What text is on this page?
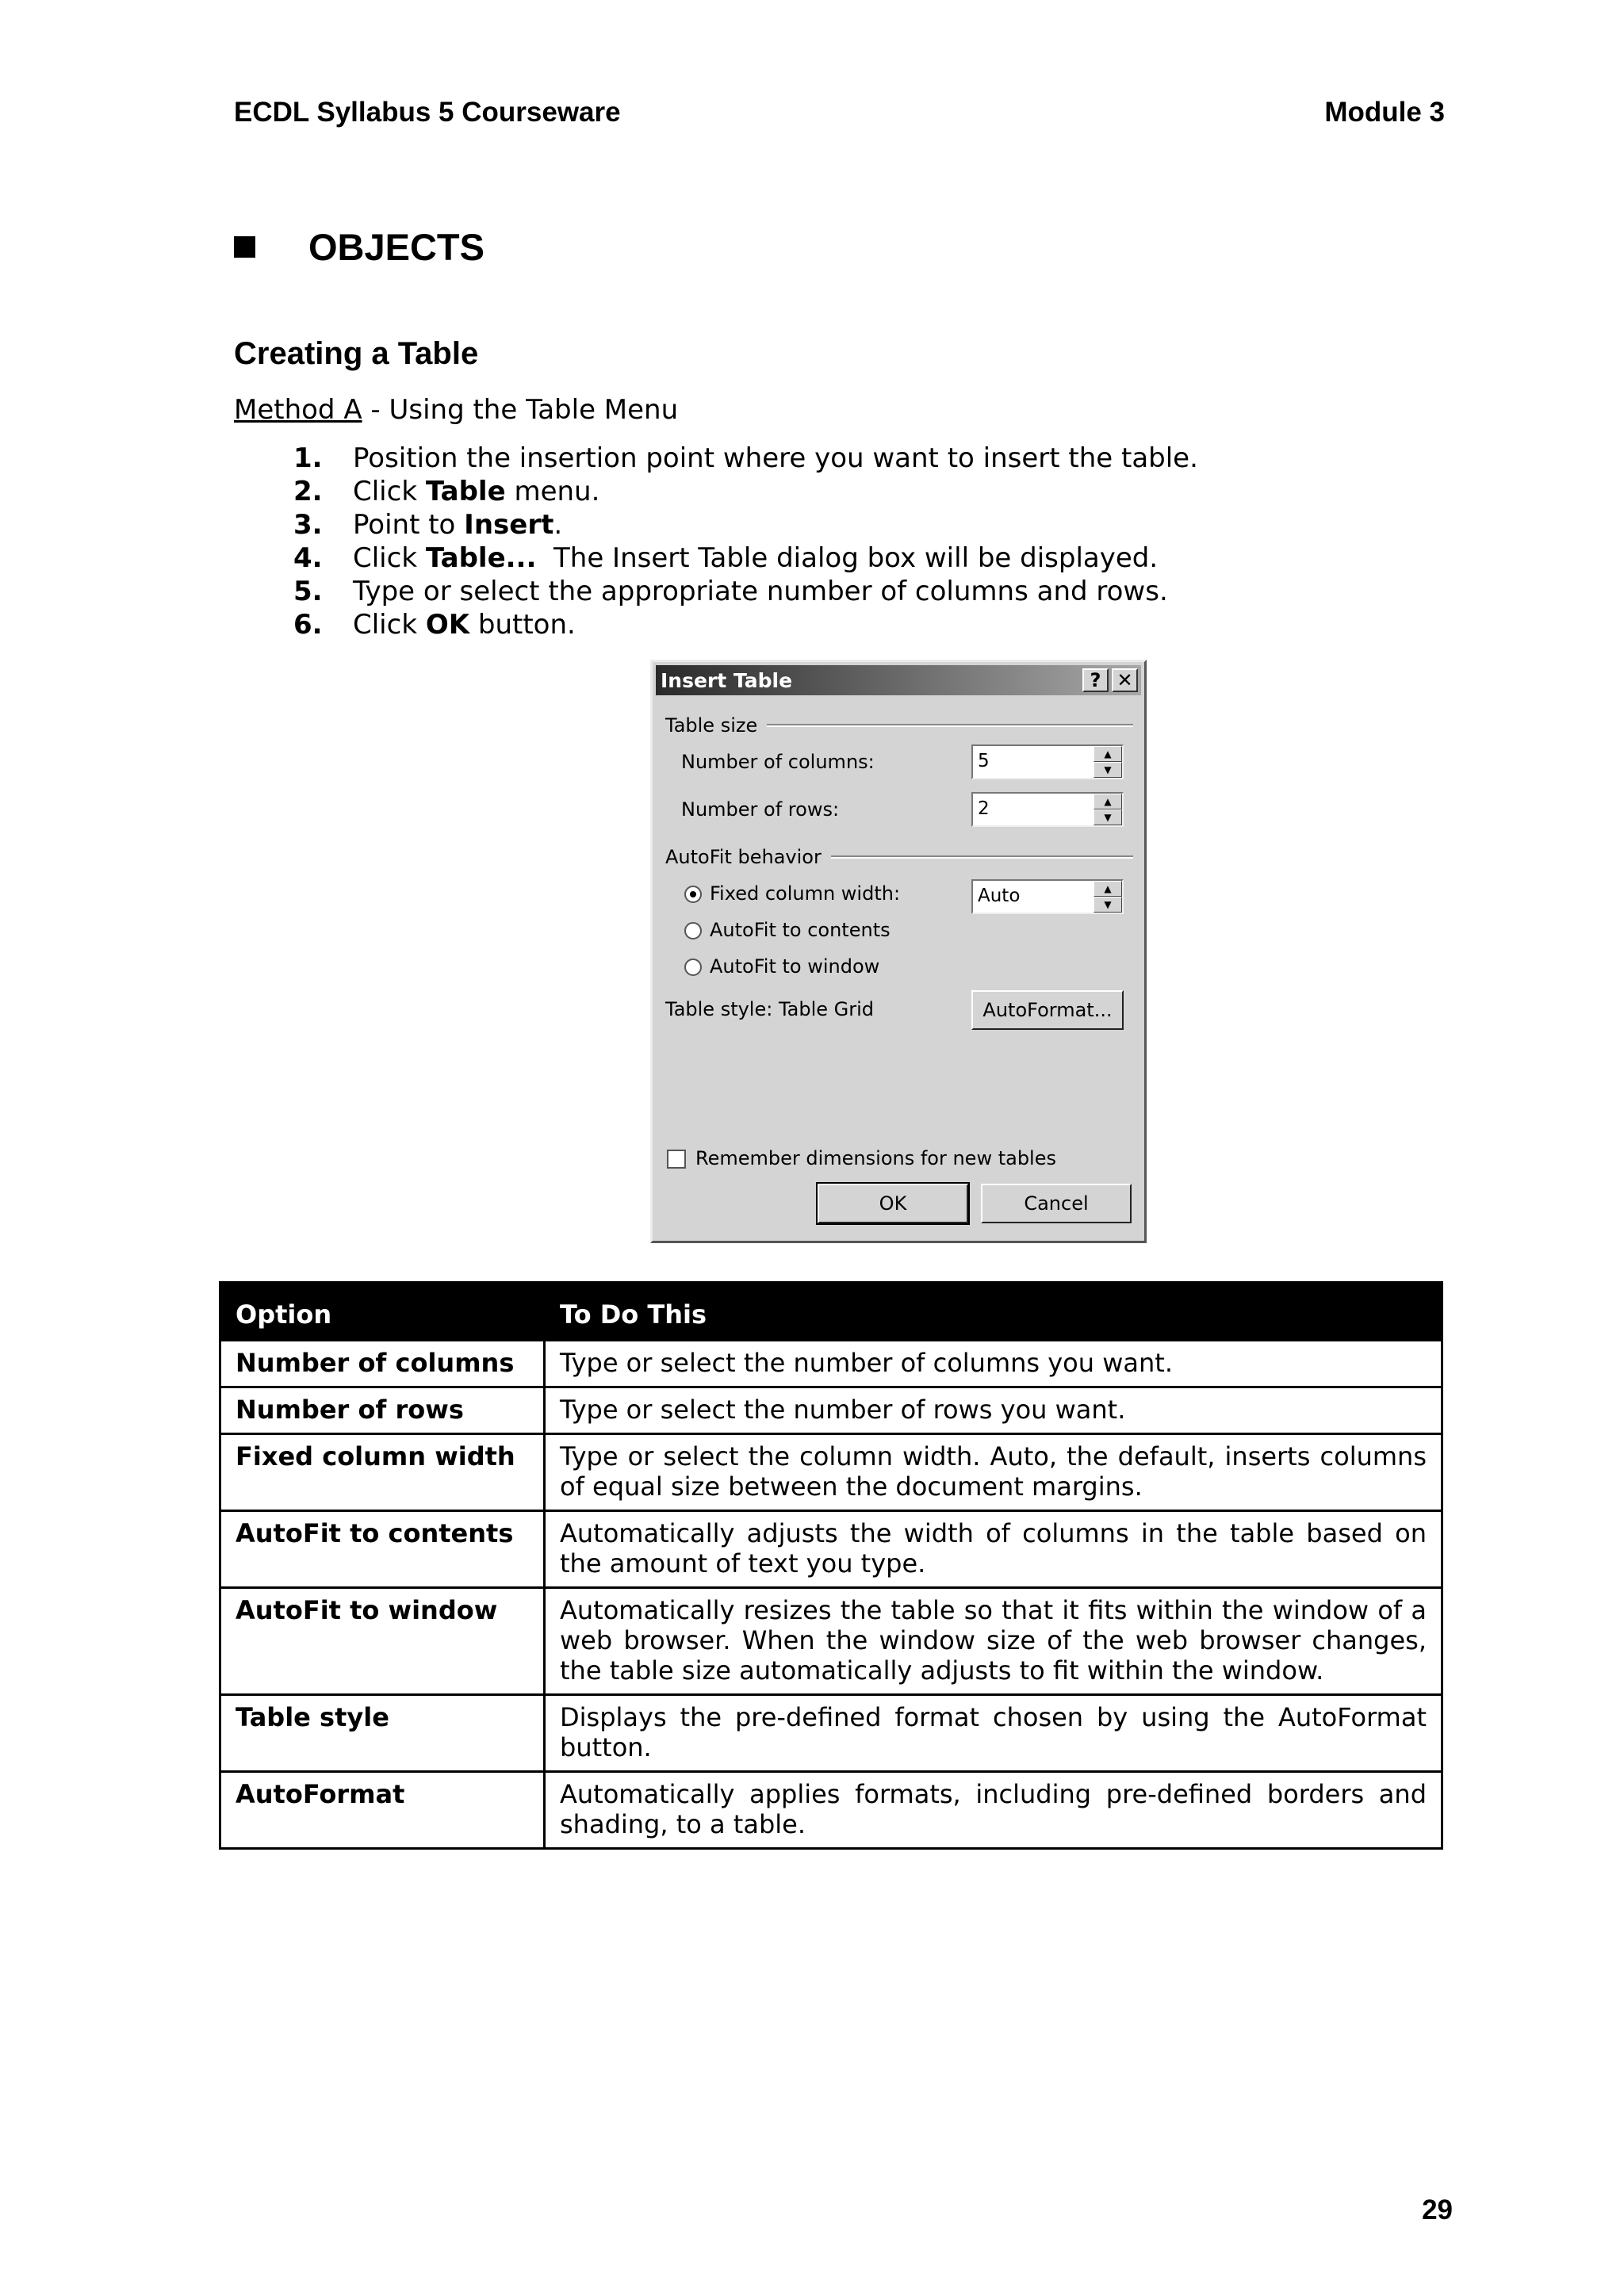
ECDL Syllabus 5 Courseware	Module 3
OBJECTS
Creating a Table
Method A - Using the Table Menu
1.	Position the insertion point where you want to insert the table.
2.	Click Table menu.
3.	Point to Insert.
4.	Click Table...  The Insert Table dialog box will be displayed.
5.	Type or select the appropriate number of columns and rows.
6.	Click OK button.
Insert Table	? ✕
Table size
Number of columns:	5	▲
▼
Number of rows:	2	▲
▼
AutoFit behavior
Fixed column width:	Auto	▲
▼
AutoFit to contents
AutoFit to window
Table style: Table Grid	AutoFormat...
Remember dimensions for new tables
OK	Cancel
Option	To Do This
Number of columns	Type or select the number of columns you want.
Number of rows	Type or select the number of rows you want.
Fixed column width	Type or select the column width. Auto, the default, inserts columns of equal size between the document margins.
AutoFit to contents	Automatically adjusts the width of columns in the table based on the amount of text you type.
AutoFit to window	Automatically resizes the table so that it fits within the window of a web browser. When the window size of the web browser changes, the table size automatically adjusts to fit within the window.
Table style	Displays the pre-defined format chosen by using the AutoFormat button.
AutoFormat	Automatically applies formats, including pre-defined borders and shading, to a table.
29
